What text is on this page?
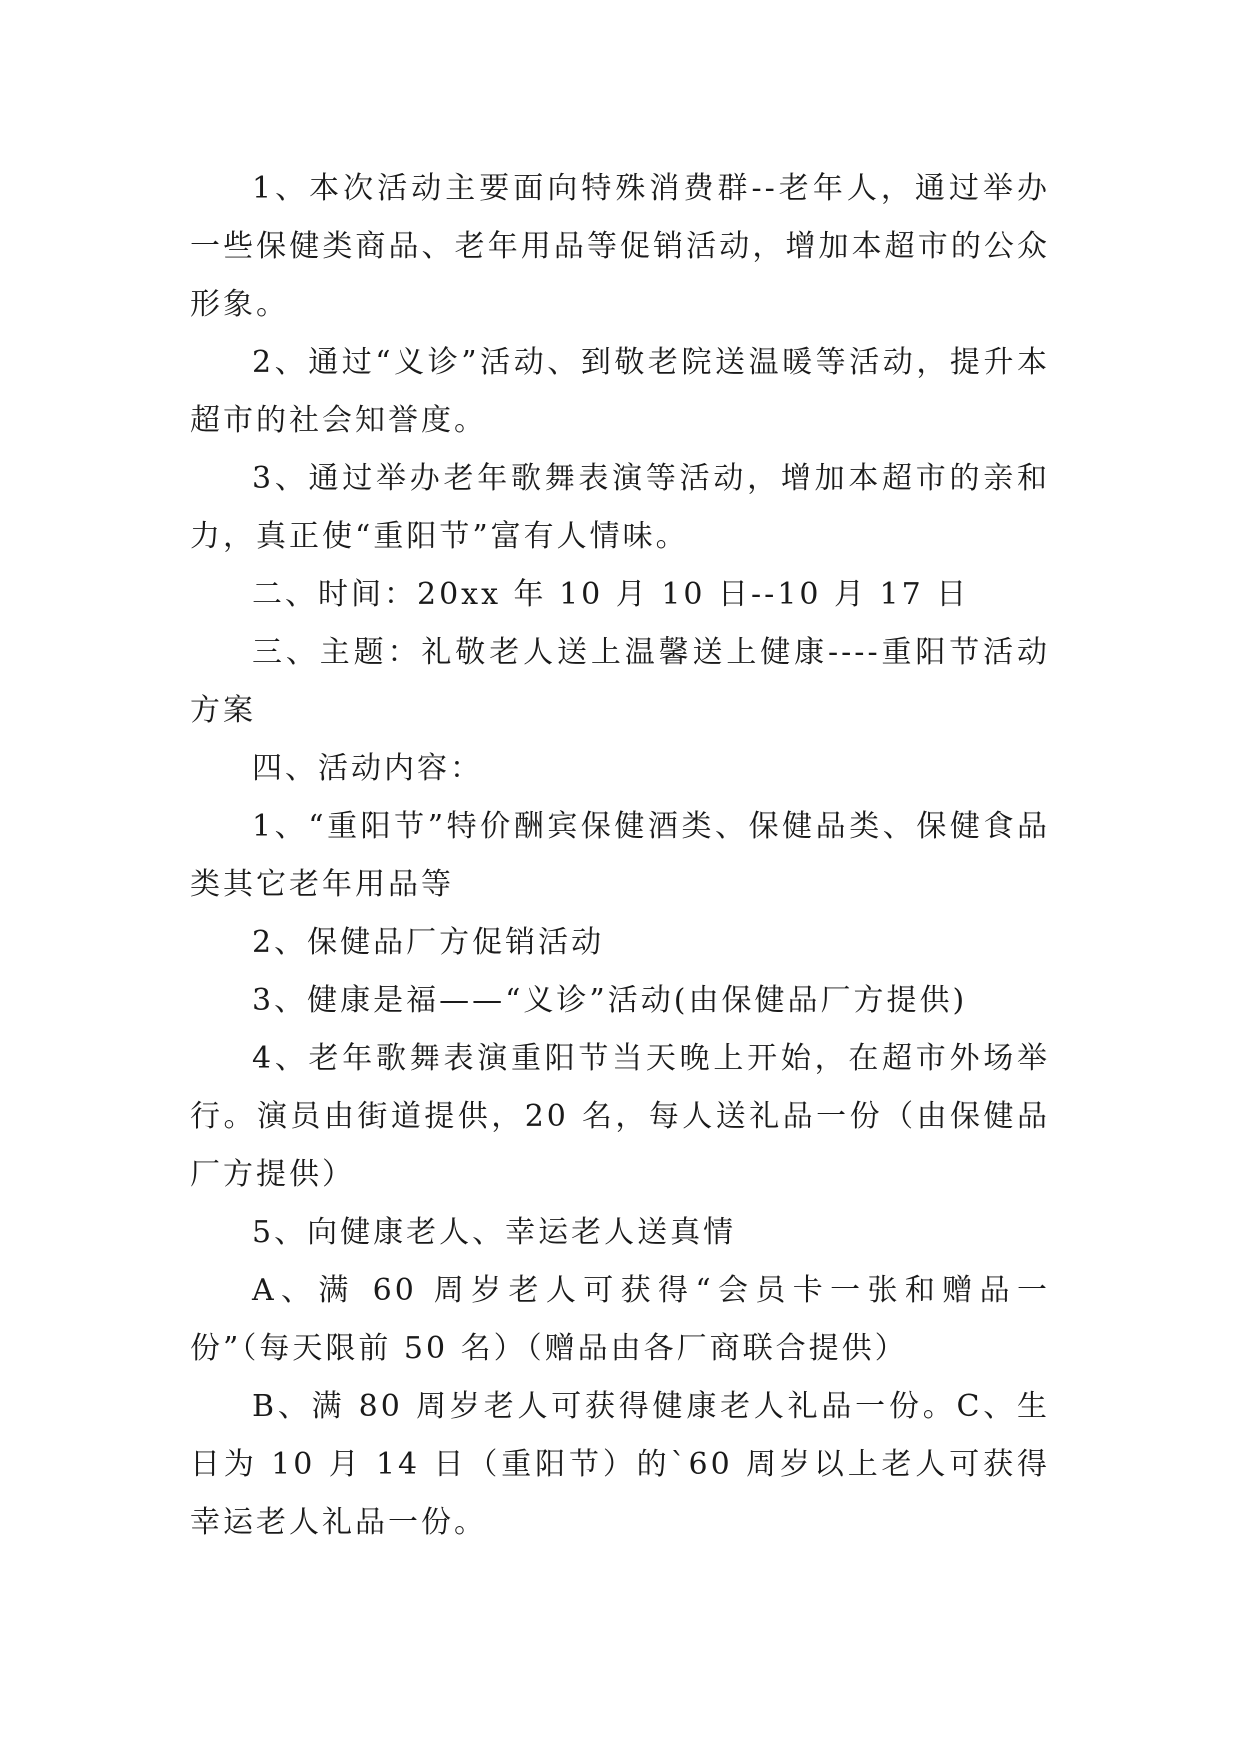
1、本次活动主要面向特殊消费群--老年人，通过举办一些保健类商品、老年用品等促销活动，增加本超市的公众形象。

2、通过“义诊”活动、到敬老院送温暖等活动，提升本超市的社会知誉度。

3、通过举办老年歌舞表演等活动，增加本超市的亲和力，真正使“重阳节”富有人情味。

二、时间：20xx 年 10 月 10 日--10 月 17 日

三、主题：礼敬老人送上温馨送上健康----重阳节活动方案

四、活动内容：

1、“重阳节”特价酬宾保健酒类、保健品类、保健食品类其它老年用品等

2、保健品厂方促销活动

3、健康是福——“义诊”活动(由保健品厂方提供)

4、老年歌舞表演重阳节当天晚上开始，在超市外场举行。演员由街道提供，20 名，每人送礼品一份（由保健品厂方提供）

5、向健康老人、幸运老人送真情

A、满 60 周岁老人可获得“会员卡一张和赠品一份”（每天限前 50 名）（赠品由各厂商联合提供）

B、满 80 周岁老人可获得健康老人礼品一份。C、生日为 10 月 14 日（重阳节）的`60 周岁以上老人可获得幸运老人礼品一份。
